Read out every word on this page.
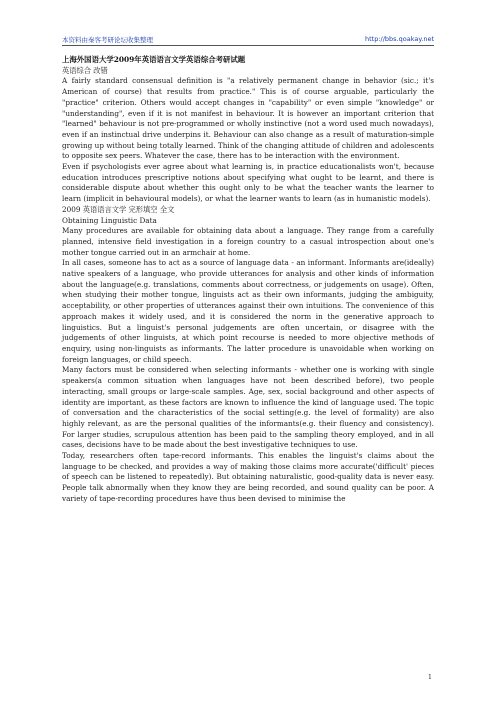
本资料由秦客考研论坛收集整理	http://bbs.qoakay.net

上海外国语大学2009年英语语言文学英语综合考研试题

英语综合 改错

A fairly standard consensual definition is "a relatively permanent change in behavior (sic.; it's American of course) that results from practice." This is of course arguable, particularly the "practice" criterion. Others would accept changes in "capability" or even simple "knowledge" or "understanding", even if it is not manifest in behaviour. It is however an important criterion that "learned" behaviour is not pre-programmed or wholly instinctive (not a word used much nowadays), even if an instinctual drive underpins it. Behaviour can also change as a result of maturation-simple growing up without being totally learned. Think of the changing attitude of children and adolescents to opposite sex peers. Whatever the case, there has to be interaction with the environment.

Even if psychologists ever agree about what learning is, in practice educationalists won't, because education introduces prescriptive notions about specifying what ought to be learnt, and there is considerable dispute about whether this ought only to be what the teacher wants the learner to learn (implicit in behavioural models), or what the learner wants to learn (as in humanistic models).

2009 英语语言文学 完形填空 全文

Obtaining Linguistic Data

Many procedures are available for obtaining data about a language. They range from a carefully planned, intensive field investigation in a foreign country to a casual introspection about one's mother tongue carried out in an armchair at home.

In all cases, someone has to act as a source of language data - an informant. Informants are(ideally) native speakers of a language, who provide utterances for analysis and other kinds of information about the language(e.g. translations, comments about correctness, or judgements on usage). Often, when studying their mother tongue, linguists act as their own informants, judging the ambiguity, acceptability, or other properties of utterances against their own intuitions. The convenience of this approach makes it widely used, and it is considered the norm in the generative approach to linguistics. But a linguist's personal judgements are often uncertain, or disagree with the judgements of other linguists, at which point recourse is needed to more objective methods of enquiry, using non-linguists as informants. The latter procedure is unavoidable when working on foreign languages, or child speech.

Many factors must be considered when selecting informants - whether one is working with single speakers(a common situation when languages have not been described before), two people interacting, small groups or large-scale samples. Age, sex, social background and other aspects of identity are important, as these factors are known to influence the kind of language used. The topic of conversation and the characteristics of the social setting(e.g. the level of formality) are also highly relevant, as are the personal qualities of the informants(e.g. their fluency and consistency). For larger studies, scrupulous attention has been paid to the sampling theory employed, and in all cases, decisions have to be made about the best investigative techniques to use.

Today, researchers often tape-record informants. This enables the linguist's claims about the language to be checked, and provides a way of making those claims more accurate('difficult' pieces of speech can be listened to repeatedly). But obtaining naturalistic, good-quality data is never easy. People talk abnormally when they know they are being recorded, and sound quality can be poor. A variety of tape-recording procedures have thus been devised to minimise the

1
